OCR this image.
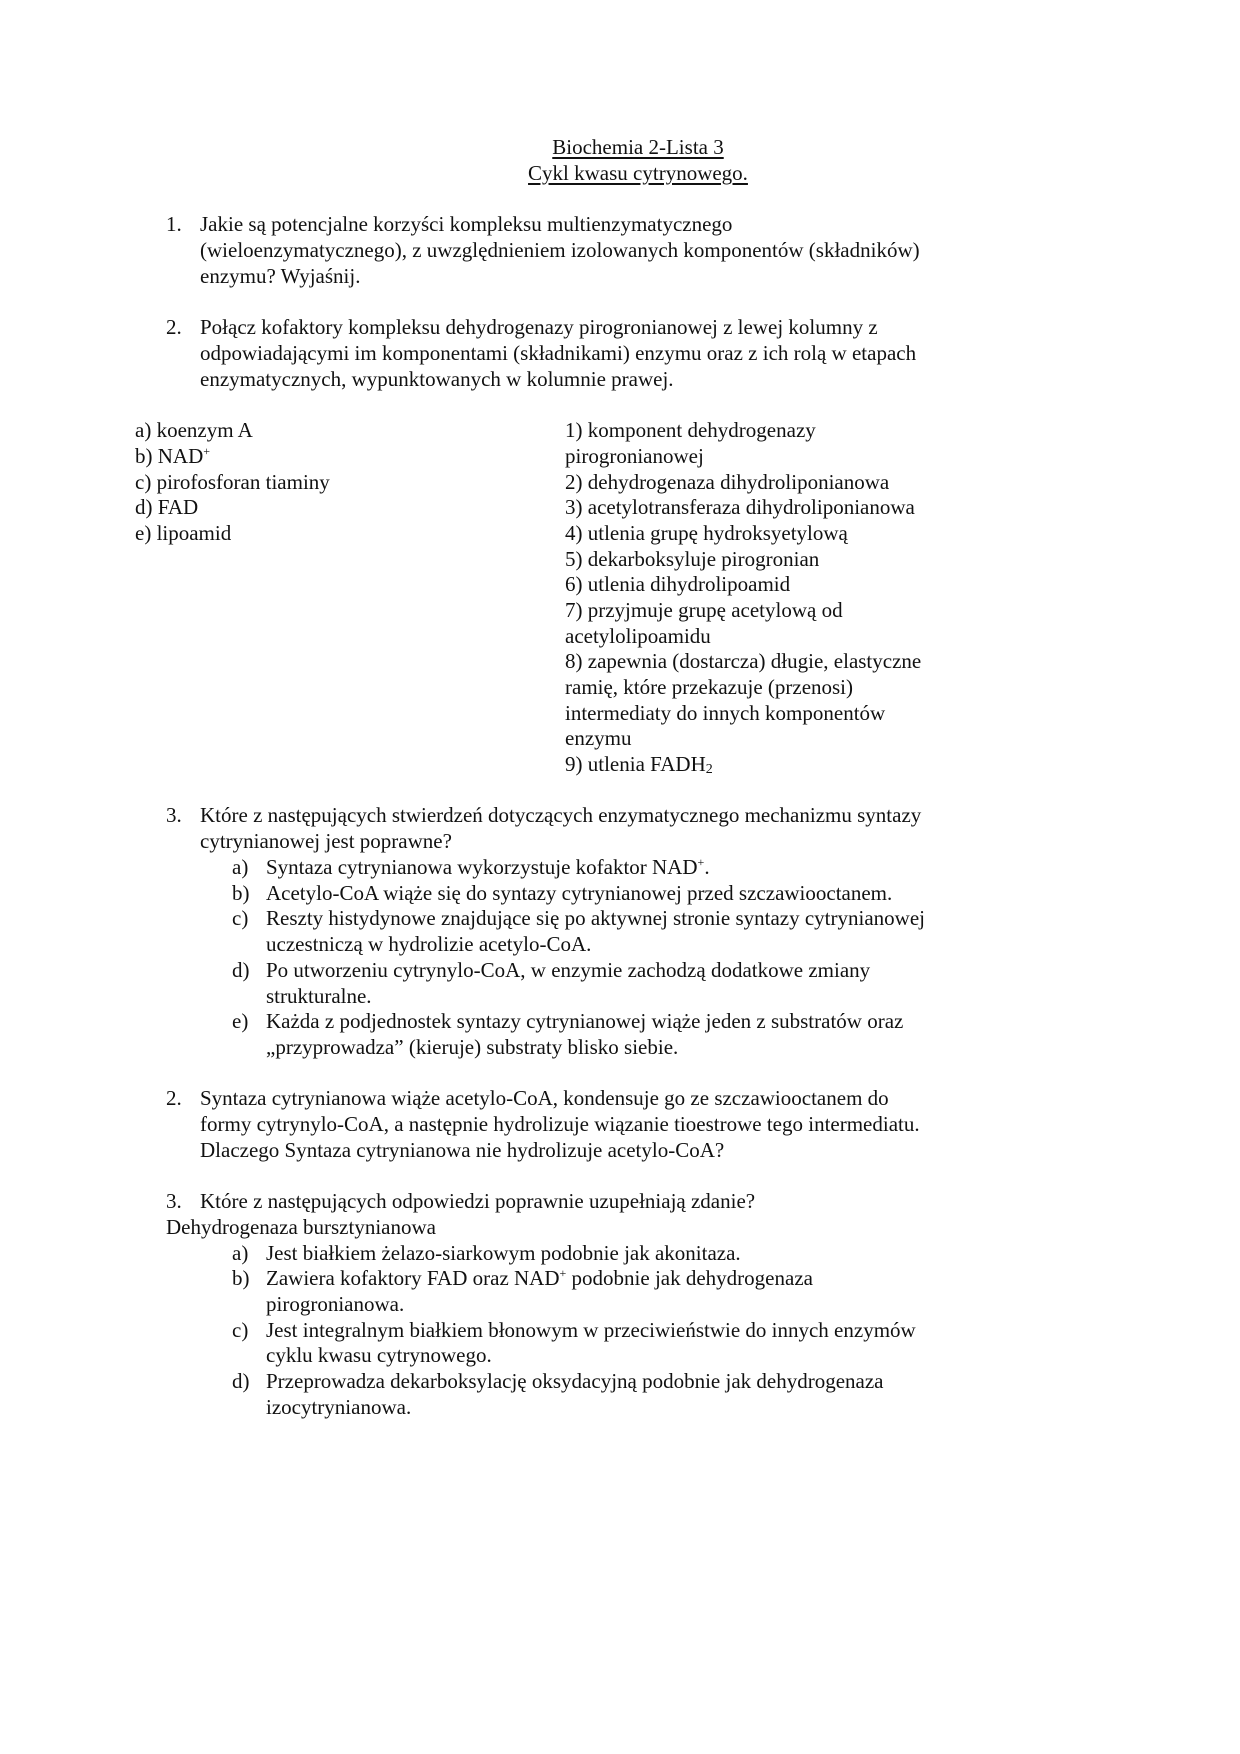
Biochemia 2-Lista 3
Cykl kwasu cytrynowego.
1. Jakie są potencjalne korzyści kompleksu multienzymatycznego
(wieloenzymatycznego), z uwzględnieniem izolowanych komponentów (składników)
enzymu? Wyjaśnij.
2. Połącz kofaktory kompleksu dehydrogenazy pirogronianowej z lewej kolumny z
odpowiadającymi im komponentami (składnikami) enzymu oraz z ich rolą w etapach
enzymatycznych, wypunktowanych w kolumnie prawej.
a) koenzym A
b) NAD+
c) pirofosforan tiaminy
d) FAD
e) lipoamid
1) komponent dehydrogenazy
pirogronianowej
2) dehydrogenaza dihydroliponianowa
3) acetylotransferaza dihydroliponianowa
4) utlenia grupę hydroksyetylową
5) dekarboksyluje pirogronian
6) utlenia dihydrolipoamid
7) przyjmuje grupę acetylową od
acetylolipoamidu
8) zapewnia (dostarcza) długie, elastyczne
ramię, które przekazuje (przenosi)
intermediaty do innych komponentów
enzymu
9) utlenia $FADH_2$
3. Które z następujących stwierdzeń dotyczących enzymatycznego mechanizmu syntazy
cytrynianowej jest poprawne?
a) Syntaza cytrynianowa wykorzystuje kofaktor NAD+.
b) Acetylo-CoA wiąże się do syntazy cytrynianowej przed szczawiooctanem.
c) Reszty histydynowe znajdujące się po aktywnej stronie syntazy cytrynianowej
uczestniczą w hydrolizie acetylo-CoA.
d) Po utworzeniu cytrynylo-CoA, w enzymie zachodzą dodatkowe zmiany
strukturalne.
e) Każda z podjednostek syntazy cytrynianowej wiąże jeden z substratów oraz
„przyprowadza” (kieruje) substraty blisko siebie.
2. Syntaza cytrynianowa wiąże acetylo-CoA, kondensuje go ze szczawiooctanem do
formy cytrynylo-CoA, a następnie hydrolizuje wiązanie tioestrowe tego intermediatu.
Dlaczego Syntaza cytrynianowa nie hydrolizuje acetylo-CoA?
3. Które z następujących odpowiedzi poprawnie uzupełniają zdanie?
Dehydrogenaza bursztynianowa
a) Jest białkiem żelazo-siarkowym podobnie jak akonitaza.
b) Zawiera kofaktory FAD oraz NAD+ podobnie jak dehydrogenaza
pirogronianowa.
c) Jest integralnym białkiem błonowym w przeciwieństwie do innych enzymów
cyklu kwasu cytrynowego.
d) Przeprowadza dekarboksylację oksydacyjną podobnie jak dehydrogenaza
izocytrynianowa.
